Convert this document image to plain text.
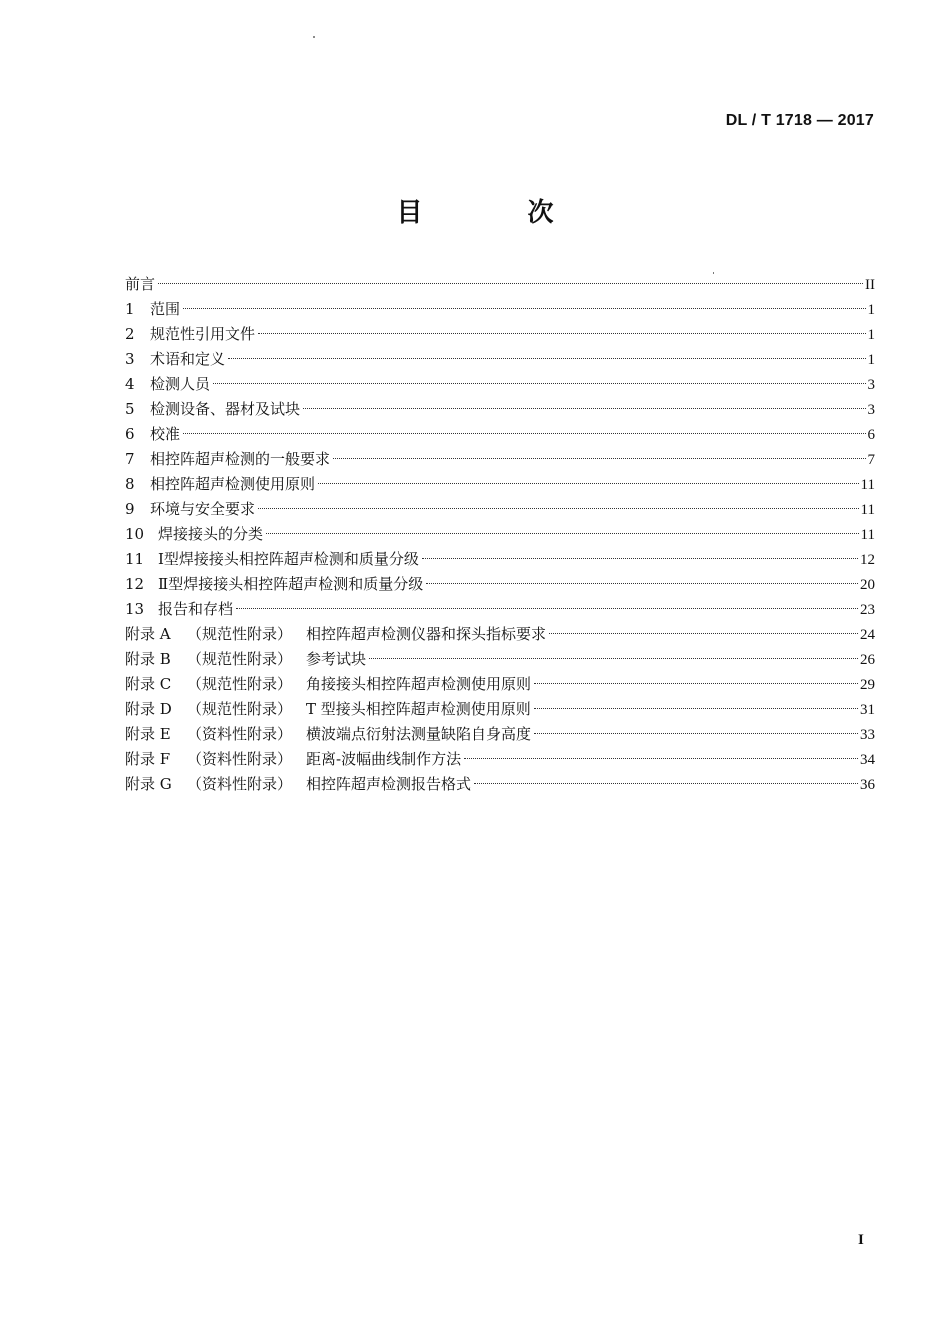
DL / T 1718 — 2017
目 次
前言	II
1	范围	1
2	规范性引用文件	1
3	术语和定义	1
4	检测人员	3
5	检测设备、器材及试块	3
6	校准	6
7	相控阵超声检测的一般要求	7
8	相控阵超声检测使用原则	11
9	环境与安全要求	11
10 焊接接头的分类	11
11 Ⅰ型焊接接头相控阵超声检测和质量分级	12
12 Ⅱ型焊接接头相控阵超声检测和质量分级	20
13 报告和存档	23
附录 A	（规范性附录） 相控阵超声检测仪器和探头指标要求	24
附录 B	（规范性附录） 参考试块	26
附录 C	（规范性附录） 角接接头相控阵超声检测使用原则	29
附录 D	（规范性附录） T 型接头相控阵超声检测使用原则	31
附录 E	（资料性附录） 横波端点衍射法测量缺陷自身高度	33
附录 F	（资料性附录） 距离-波幅曲线制作方法	34
附录 G	（资料性附录） 相控阵超声检测报告格式	36
I
